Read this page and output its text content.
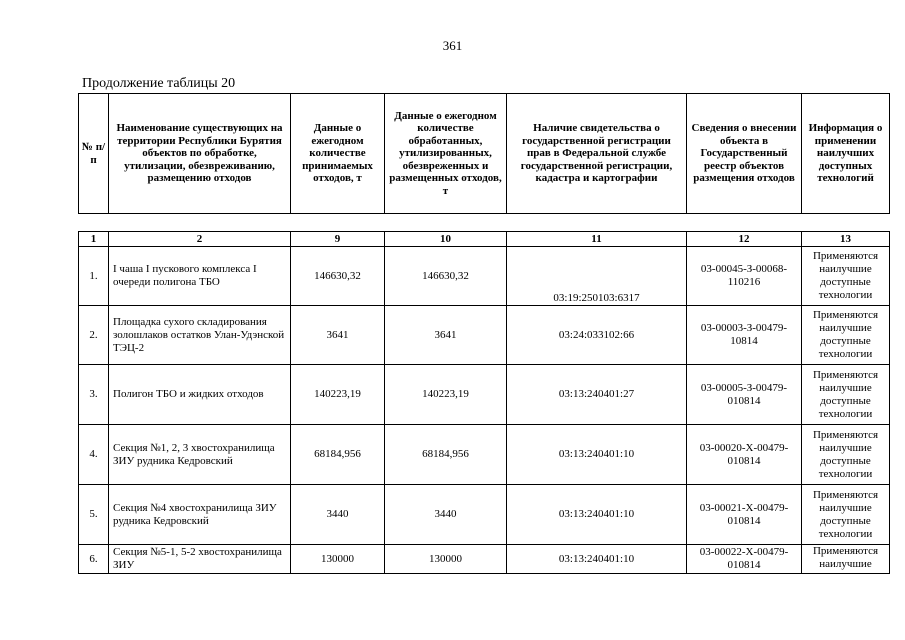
361
Продолжение таблицы 20
№ п/п	Наименование существующих на территории Республики Бурятия объектов по обработке, утилизации, обезвреживанию, размещению отходов	Данные о ежегодном количестве принимаемых отходов, т	Данные о ежегодном количестве обработанных, утилизированных, обезвреженных и размещенных отходов, т	Наличие свидетельства о государственной регистрации прав в Федеральной службе государственной регистрации, кадастра и картографии	Сведения о внесении объекта в Государственный реестр объектов размещения отходов	Информация о применении наилучших доступных технологий
1	2	9	10	11	12	13
1.	I чаша I пускового комплекса I очереди полигона ТБО	146630,32	146630,32	03:19:250103:6317	03-00045-З-00068-110216	Применяются наилучшие доступные технологии
2.	Площадка сухого складирования золошлаков остатков Улан-Удэнской ТЭЦ-2	3641	3641	03:24:033102:66	03-00003-З-00479-10814	Применяются наилучшие доступные технологии
3.	Полигон ТБО и жидких отходов	140223,19	140223,19	03:13:240401:27	03-00005-З-00479-010814	Применяются наилучшие доступные технологии
4.	Секция №1, 2, 3 хвостохранилища ЗИУ рудника Кедровский	68184,956	68184,956	03:13:240401:10	03-00020-Х-00479-010814	Применяются наилучшие доступные технологии
5.	Секция №4 хвостохранилища ЗИУ рудника Кедровский	3440	3440	03:13:240401:10	03-00021-Х-00479-010814	Применяются наилучшие доступные технологии
6.	Секция №5-1, 5-2 хвостохранилища ЗИУ	130000	130000	03:13:240401:10	03-00022-Х-00479-010814	Применяются наилучшие
